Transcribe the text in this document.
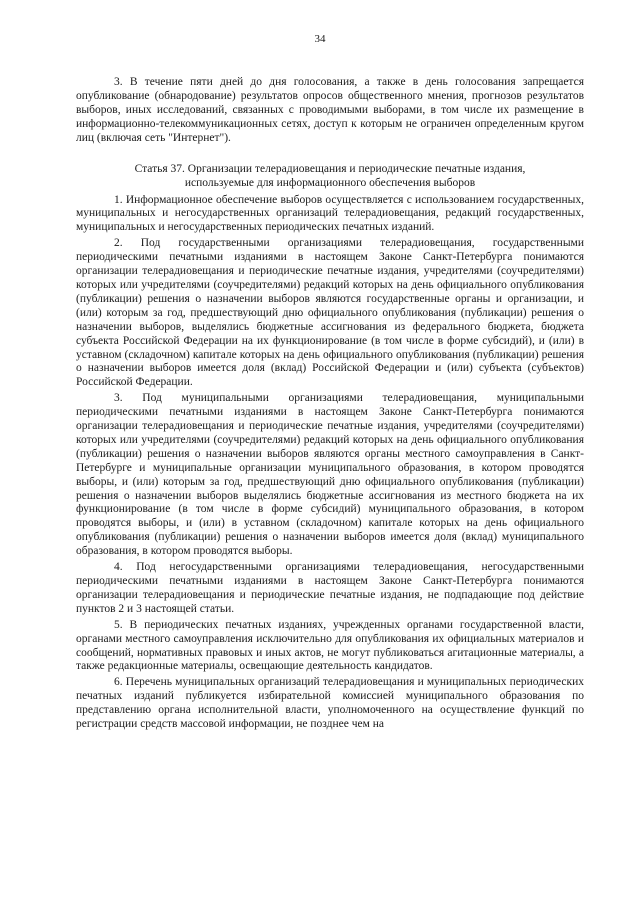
34

3. В течение пяти дней до дня голосования, а также в день голосования запрещается опубликование (обнародование) результатов опросов общественного мнения, прогнозов результатов выборов, иных исследований, связанных с проводимыми выборами, в том числе их размещение в информационно-телекоммуникационных сетях, доступ к которым не ограничен определенным кругом лиц (включая сеть "Интернет").

Статья 37. Организации телерадиовещания и периодические печатные издания, используемые для информационного обеспечения выборов

1. Информационное обеспечение выборов осуществляется с использованием государственных, муниципальных и негосударственных организаций телерадиовещания, редакций государственных, муниципальных и негосударственных периодических печатных изданий.

2. Под государственными организациями телерадиовещания, государственными периодическими печатными изданиями в настоящем Законе Санкт-Петербурга понимаются организации телерадиовещания и периодические печатные издания, учредителями (соучредителями) которых или учредителями (соучредителями) редакций которых на день официального опубликования (публикации) решения о назначении выборов являются государственные органы и организации, и (или) которым за год, предшествующий дню официального опубликования (публикации) решения о назначении выборов, выделялись бюджетные ассигнования из федерального бюджета, бюджета субъекта Российской Федерации на их функционирование (в том числе в форме субсидий), и (или) в уставном (складочном) капитале которых на день официального опубликования (публикации) решения о назначении выборов имеется доля (вклад) Российской Федерации и (или) субъекта (субъектов) Российской Федерации.

3. Под муниципальными организациями телерадиовещания, муниципальными периодическими печатными изданиями в настоящем Законе Санкт-Петербурга понимаются организации телерадиовещания и периодические печатные издания, учредителями (соучредителями) которых или учредителями (соучредителями) редакций которых на день официального опубликования (публикации) решения о назначении выборов являются органы местного самоуправления в Санкт-Петербурге и муниципальные организации муниципального образования, в котором проводятся выборы, и (или) которым за год, предшествующий дню официального опубликования (публикации) решения о назначении выборов выделялись бюджетные ассигнования из местного бюджета на их функционирование (в том числе в форме субсидий) муниципального образования, в котором проводятся выборы, и (или) в уставном (складочном) капитале которых на день официального опубликования (публикации) решения о назначении выборов имеется доля (вклад) муниципального образования, в котором проводятся выборы.

4. Под негосударственными организациями телерадиовещания, негосударственными периодическими печатными изданиями в настоящем Законе Санкт-Петербурга понимаются организации телерадиовещания и периодические печатные издания, не подпадающие под действие пунктов 2 и 3 настоящей статьи.

5. В периодических печатных изданиях, учрежденных органами государственной власти, органами местного самоуправления исключительно для опубликования их официальных материалов и сообщений, нормативных правовых и иных актов, не могут публиковаться агитационные материалы, а также редакционные материалы, освещающие деятельность кандидатов.

6. Перечень муниципальных организаций телерадиовещания и муниципальных периодических печатных изданий публикуется избирательной комиссией муниципального образования по представлению органа исполнительной власти, уполномоченного на осуществление функций по регистрации средств массовой информации, не позднее чем на
